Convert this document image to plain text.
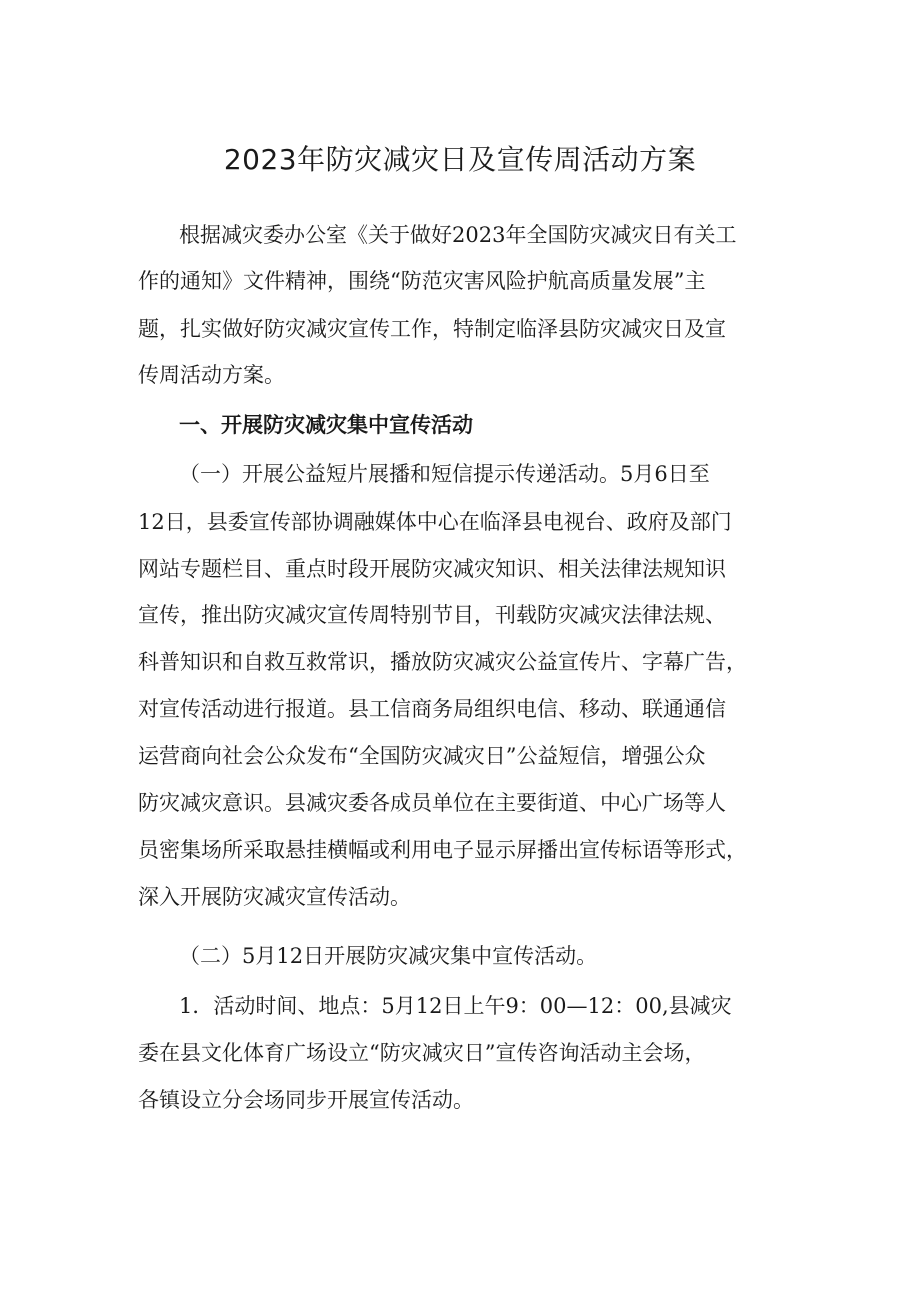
2023年防灾减灾日及宣传周活动方案

根据减灾委办公室《关于做好2023年全国防灾减灾日有关工

作的通知》文件精神，围绕“防范灾害风险护航高质量发展”主

题，扎实做好防灾减灾宣传工作，特制定临泽县防灾减灾日及宣

传周活动方案。

一、开展防灾减灾集中宣传活动

（一）开展公益短片展播和短信提示传递活动。5月6日至

12日，县委宣传部协调融媒体中心在临泽县电视台、政府及部门

网站专题栏目、重点时段开展防灾减灾知识、相关法律法规知识

宣传，推出防灾减灾宣传周特别节目，刊载防灾减灾法律法规、

科普知识和自救互救常识，播放防灾减灾公益宣传片、字幕广告，

对宣传活动进行报道。县工信商务局组织电信、移动、联通通信

运营商向社会公众发布“全国防灾减灾日”公益短信，增强公众

防灾减灾意识。县减灾委各成员单位在主要街道、中心广场等人

员密集场所采取悬挂横幅或利用电子显示屏播出宣传标语等形式，

深入开展防灾减灾宣传活动。

（二）5月12日开展防灾减灾集中宣传活动。

1．活动时间、地点：5月12日上午9：00—12：00,县减灾

委在县文化体育广场设立“防灾减灾日”宣传咨询活动主会场，

各镇设立分会场同步开展宣传活动。
